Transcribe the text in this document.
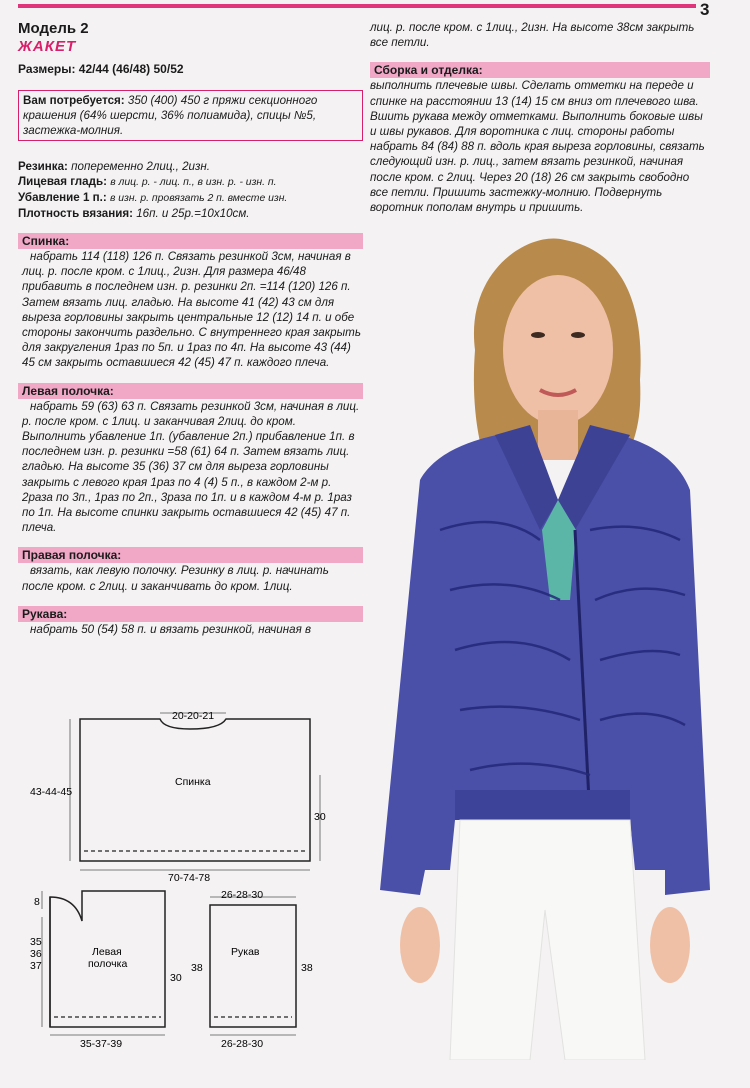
3
Модель 2
ЖАКЕТ
Размеры: 42/44 (46/48) 50/52
Вам потребуется: 350 (400) 450 г пряжи секционного крашения (64% шерсти, 36% полиамида), спицы №5, застежка-молния.
Резинка: попеременно 2лиц., 2изн.
Лицевая гладь: в лиц. р. - лиц. п., в изн. р. - изн. п.
Убавление 1 п.: в изн. р. провязать 2 п. вместе изн.
Плотность вязания: 16п. и 25р.=10х10см.
Спинка:
набрать 114 (118) 126 п. Связать резинкой 3см, начиная в лиц. р. после кром. с 1лиц., 2изн. Для размера 46/48 прибавить в последнем изн. р. резинки 2п. =114 (120) 126 п. Затем вязать лиц. гладью. На высоте 41 (42) 43 см для выреза горловины закрыть центральные 12 (12) 14 п. и обе стороны закончить раздельно. С внутреннего края закрыть для закругления 1раз по 5п. и 1раз по 4п. На высоте 43 (44) 45 см закрыть оставшиеся 42 (45) 47 п. каждого плеча.
Левая полочка:
набрать 59 (63) 63 п. Связать резинкой 3см, начиная в лиц. р. после кром. с 1лиц. и заканчивая 2лиц. до кром. Выполнить убавление 1п. (убавление 2п.) прибавление 1п. в последнем изн. р. резинки =58 (61) 64 п. Затем вязать лиц. гладью. На высоте 35 (36) 37 см для выреза горловины закрыть с левого края 1раз по 4 (4) 5 п., в каждом 2-м р. 2раза по 3п., 1раз по 2п., 3раза по 1п. и в каждом 4-м р. 1раз по 1п. На высоте спинки закрыть оставшиеся 42 (45) 47 п. плеча.
Правая полочка:
вязать, как левую полочку. Резинку в лиц. р. начинать после кром. с 2лиц. и заканчивать до кром. 1лиц.
Рукава:
набрать 50 (54) 58 п. и вязать резинкой, начиная в
лиц. р. после кром. с 1лиц., 2изн. На высоте 38см закрыть все петли.
Сборка и отделка:
выполнить плечевые швы. Сделать отметки на переде и спинке на расстоянии 13 (14) 15 см вниз от плечевого шва. Вшить рукава между отметками. Выполнить боковые швы и швы рукавов. Для воротника с лиц. стороны работы набрать 84 (84) 88 п. вдоль края выреза горловины, связать следующий изн. р. лиц., затем вязать резинкой, начиная после кром. с 2лиц. Через 20 (18) 26 см закрыть свободно все петли. Пришить застежку-молнию. Подвернуть воротник пополам внутрь и пришить.
20-20-21
Спинка
43-44-45
30
70-74-78
8
35
36
37
Левая
полочка
30
35-37-39
26-28-30
Рукав
38	38
26-28-30
